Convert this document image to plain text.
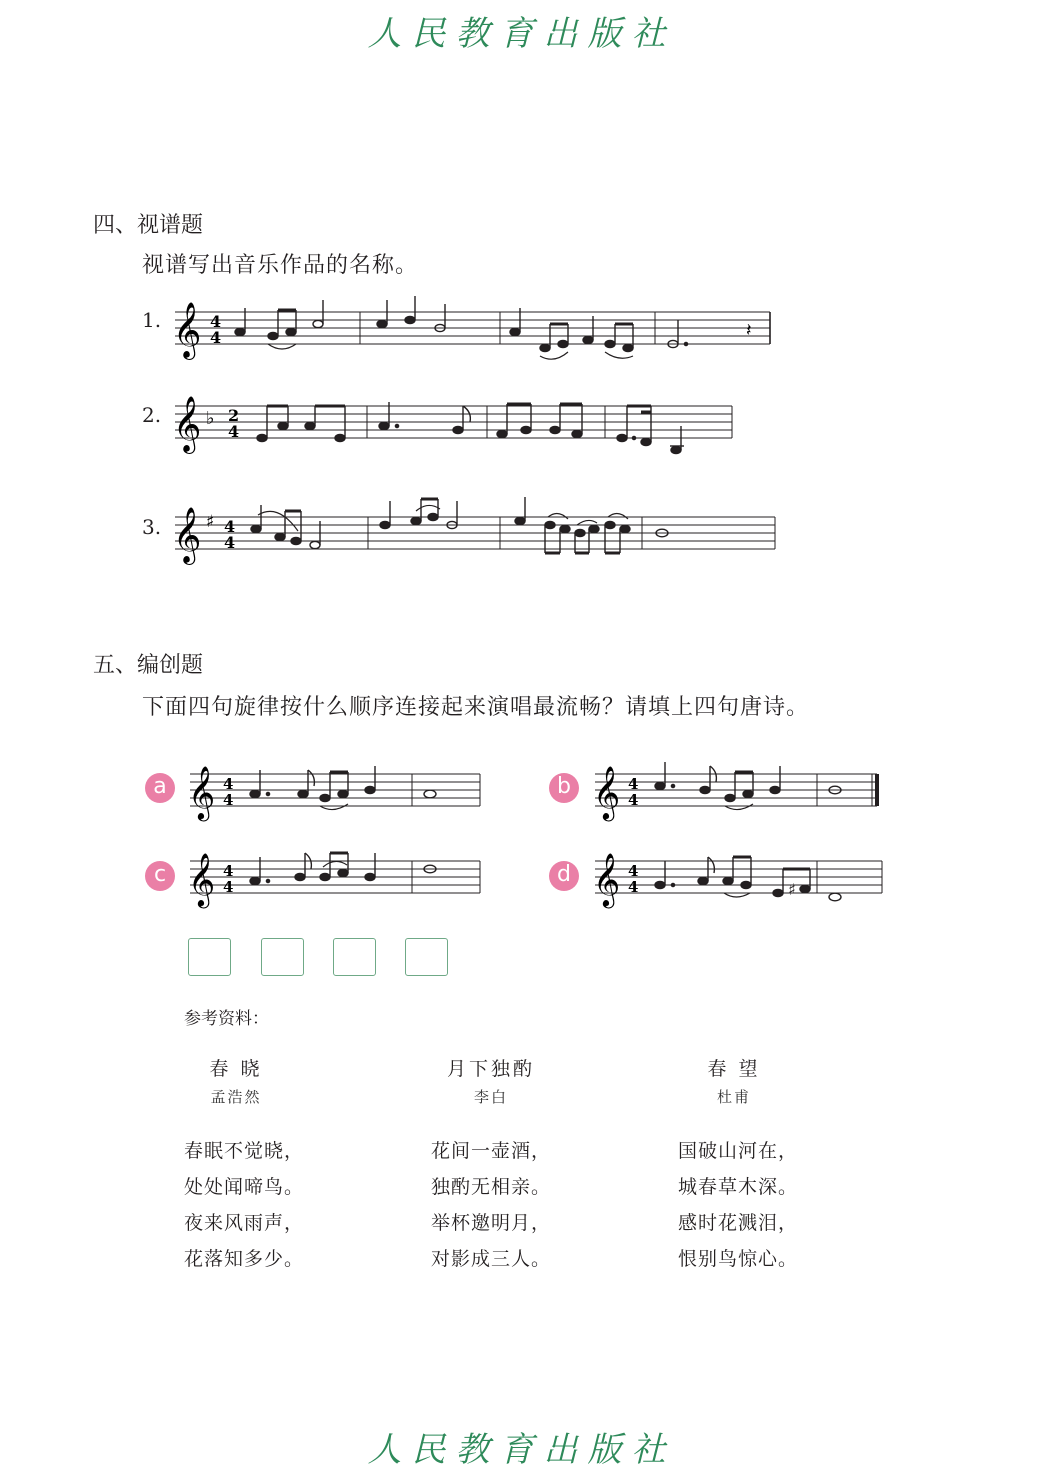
人民教育出版社
四、视谱题
视谱写出音乐作品的名称。
1.
2.
3.
𝄞 4
4	𝄽
𝄞 ♭ 2
4
𝄞 ♯ 4
4
五、编创题
下面四句旋律按什么顺序连接起来演唱最流畅？请填上四句唐诗。
a	b
c	d
𝄞 4
4	𝄞 4
4
𝄞 4
4	𝄞 4
4	♯
参考资料：
春 晓
孟浩然
春眠不觉晓，
处处闻啼鸟。
夜来风雨声，
花落知多少。
月下独酌
李白
花间一壶酒，
独酌无相亲。
举杯邀明月，
对影成三人。
春 望
杜甫
国破山河在，
城春草木深。
感时花溅泪，
恨别鸟惊心。
人民教育出版社
